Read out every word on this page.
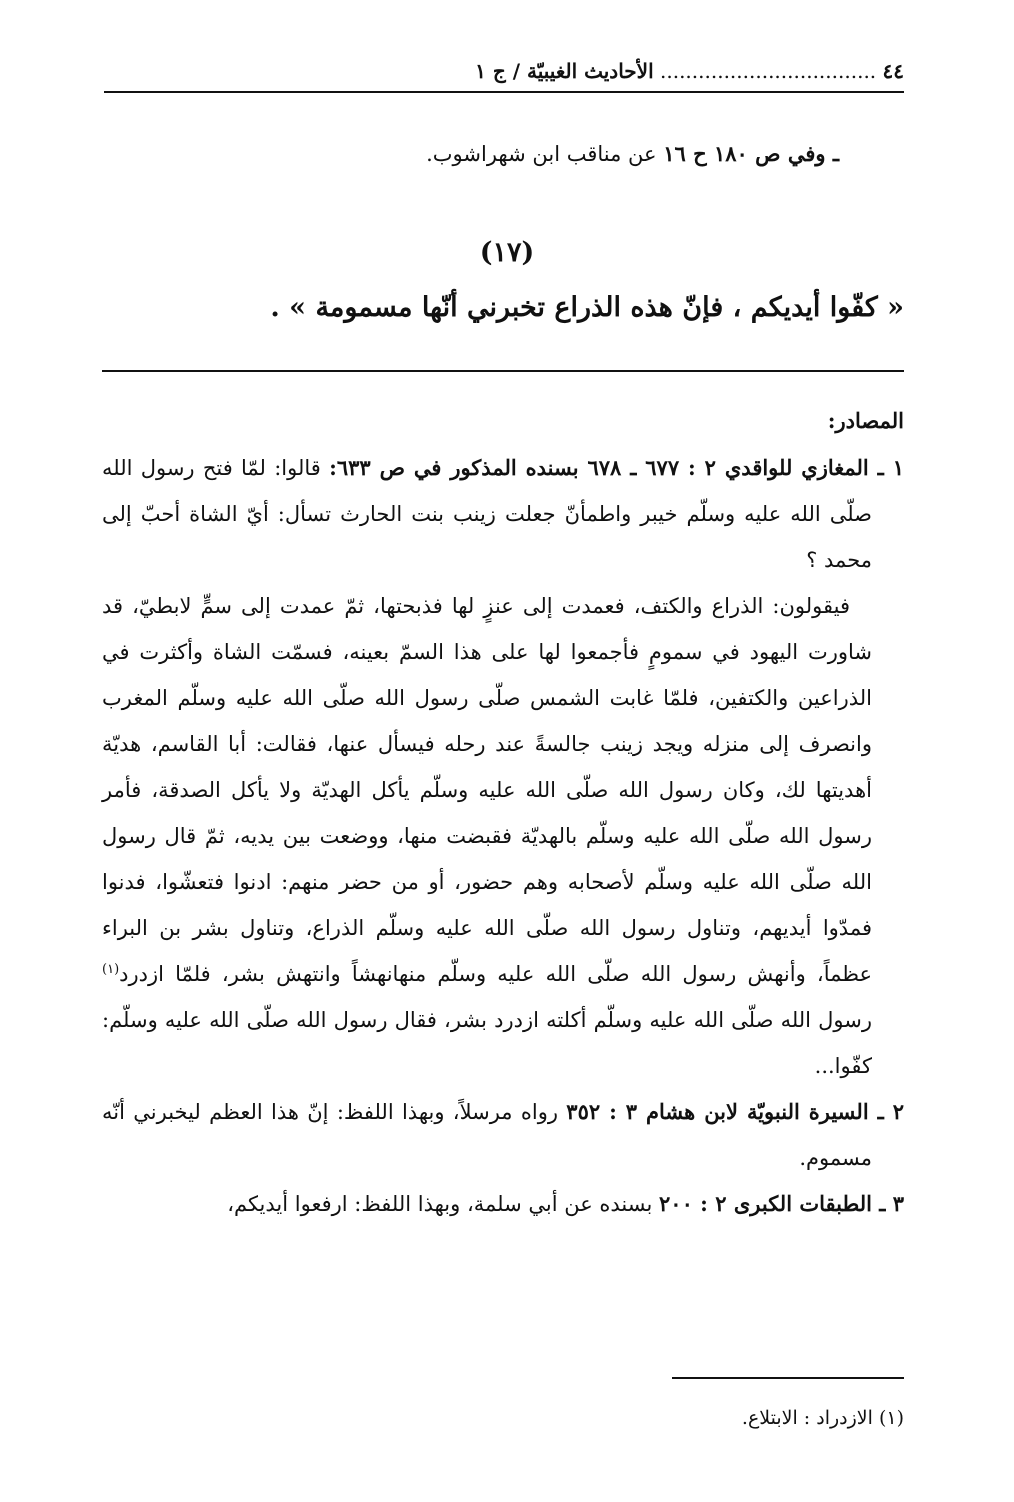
٤٤ .................................. الأحاديث الغيبيّة / ج ١
ـ وفي ص ١٨٠ ح ١٦ عن مناقب ابن شهراشوب.
(١٧)
« كفّوا أيديكم ، فإنّ هذه الذراع تخبرني أنّها مسمومة » .
المصادر:

١ ـ المغازي للواقدي ٢ : ٦٧٧ ـ ٦٧٨ بسنده المذكور في ص ٦٣٣: قالوا: لمّا فتح رسول الله صلّى الله عليه وسلّم خيبر واطمأنّ جعلت زينب بنت الحارث تسأل: أيّ الشاة أحبّ إلى محمد ؟

فيقولون: الذراع والكتف، فعمدت إلى عنزٍ لها فذبحتها، ثمّ عمدت إلى سمٍّ لابطيّ، قد شاورت اليهود في سمومٍ فأجمعوا لها على هذا السمّ بعينه، فسمّت الشاة وأكثرت في الذراعين والكتفين، فلمّا غابت الشمس صلّى رسول الله صلّى الله عليه وسلّم المغرب وانصرف إلى منزله ويجد زينب جالسةً عند رحله فيسأل عنها، فقالت: أبا القاسم، هديّة أهديتها لك، وكان رسول الله صلّى الله عليه وسلّم يأكل الهديّة ولا يأكل الصدقة، فأمر رسول الله صلّى الله عليه وسلّم بالهديّة فقبضت منها، ووضعت بين يديه، ثمّ قال رسول الله صلّى الله عليه وسلّم لأصحابه وهم حضور، أو من حضر منهم: ادنوا فتعشّوا، فدنوا فمدّوا أيديهم، وتناول رسول الله صلّى الله عليه وسلّم الذراع، وتناول بشر بن البراء عظماً، وأنهش رسول الله صلّى الله عليه وسلّم منهانهشاً وانتهش بشر، فلمّا ازدرد$^{(١)}$ رسول الله صلّى الله عليه وسلّم أكلته ازدرد بشر، فقال رسول الله صلّى الله عليه وسلّم: كفّوا...

٢ ـ السيرة النبويّة لابن هشام ٣ : ٣٥٢ رواه مرسلاً، وبهذا اللفظ: إنّ هذا العظم ليخبرني أنّه مسموم.

٣ ـ الطبقات الكبرى ٢ : ٢٠٠ بسنده عن أبي سلمة، وبهذا اللفظ: ارفعوا أيديكم،

(١) الازدراد : الابتلاع.
